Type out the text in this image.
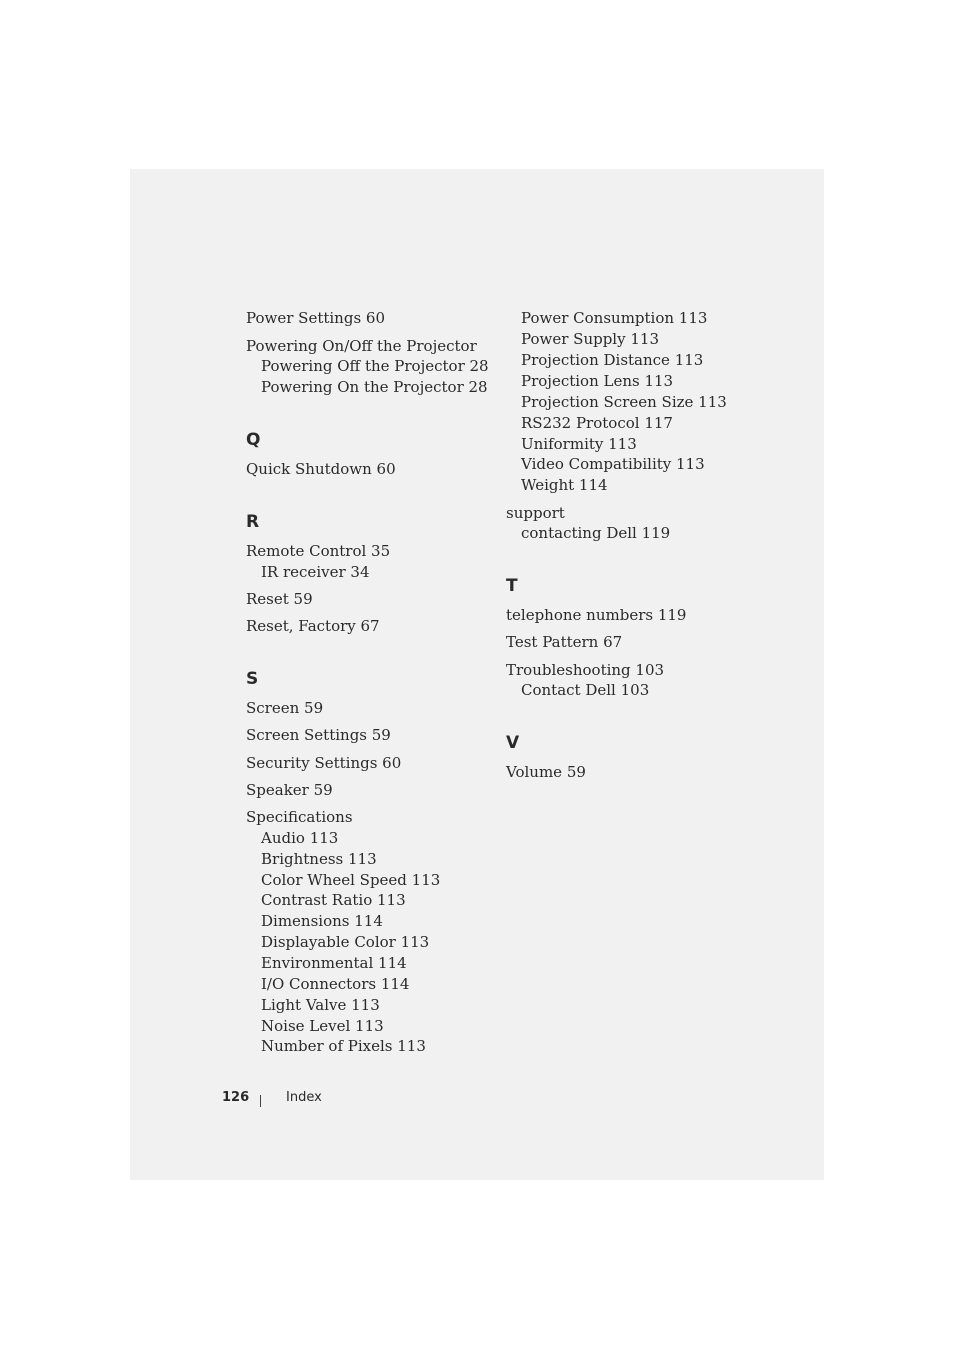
Power Settings 60
Powering On/Off the Projector
Powering Off the Projector 28
Powering On the Projector 28
Q
Quick Shutdown 60
R
Remote Control 35
IR receiver 34
Reset 59
Reset, Factory 67
S
Screen 59
Screen Settings 59
Security Settings 60
Speaker 59
Specifications
Audio 113
Brightness 113
Color Wheel Speed 113
Contrast Ratio 113
Dimensions 114
Displayable Color 113
Environmental 114
I/O Connectors 114
Light Valve 113
Noise Level 113
Number of Pixels 113
Power Consumption 113
Power Supply 113
Projection Distance 113
Projection Lens 113
Projection Screen Size 113
RS232 Protocol 117
Uniformity 113
Video Compatibility 113
Weight 114
support
contacting Dell 119
T
telephone numbers 119
Test Pattern 67
Troubleshooting 103
Contact Dell 103
V
Volume 59
126	Index
